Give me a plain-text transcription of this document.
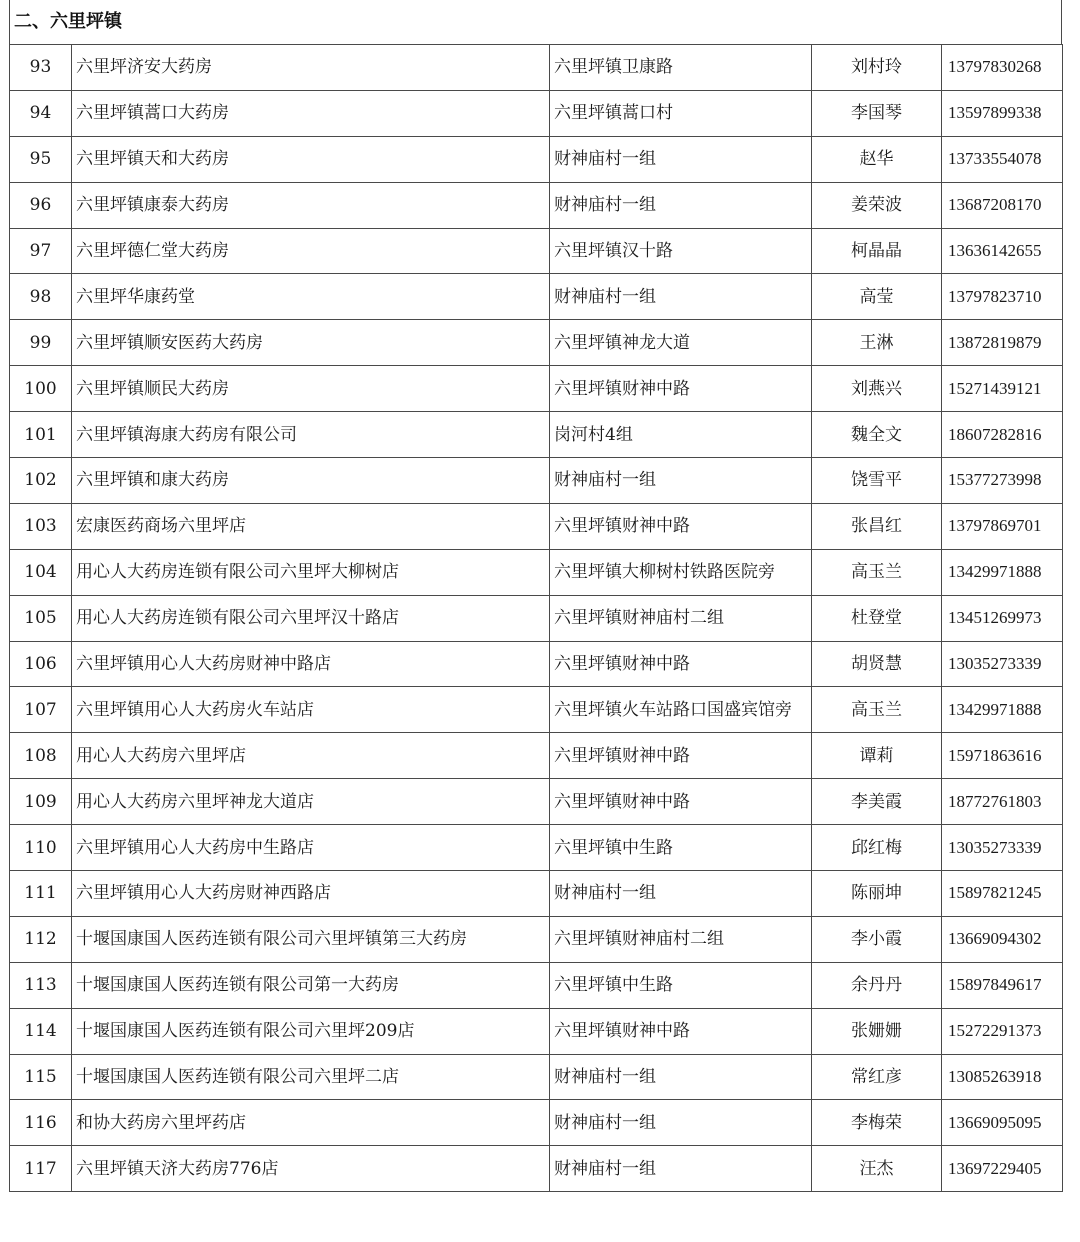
二、六里坪镇
93	六里坪济安大药房	六里坪镇卫康路	刘村玲	13797830268
94	六里坪镇蒿口大药房	六里坪镇蒿口村	李国琴	13597899338
95	六里坪镇天和大药房	财神庙村一组	赵华	13733554078
96	六里坪镇康泰大药房	财神庙村一组	姜荣波	13687208170
97	六里坪德仁堂大药房	六里坪镇汉十路	柯晶晶	13636142655
98	六里坪华康药堂	财神庙村一组	高莹	13797823710
99	六里坪镇顺安医药大药房	六里坪镇神龙大道	王淋	13872819879
100	六里坪镇顺民大药房	六里坪镇财神中路	刘燕兴	15271439121
101	六里坪镇海康大药房有限公司	岗河村4组	魏全文	18607282816
102	六里坪镇和康大药房	财神庙村一组	饶雪平	15377273998
103	宏康医药商场六里坪店	六里坪镇财神中路	张昌红	13797869701
104	用心人大药房连锁有限公司六里坪大柳树店	六里坪镇大柳树村铁路医院旁	高玉兰	13429971888
105	用心人大药房连锁有限公司六里坪汉十路店	六里坪镇财神庙村二组	杜登堂	13451269973
106	六里坪镇用心人大药房财神中路店	六里坪镇财神中路	胡贤慧	13035273339
107	六里坪镇用心人大药房火车站店	六里坪镇火车站路口国盛宾馆旁	高玉兰	13429971888
108	用心人大药房六里坪店	六里坪镇财神中路	谭莉	15971863616
109	用心人大药房六里坪神龙大道店	六里坪镇财神中路	李美霞	18772761803
110	六里坪镇用心人大药房中生路店	六里坪镇中生路	邱红梅	13035273339
111	六里坪镇用心人大药房财神西路店	财神庙村一组	陈丽坤	15897821245
112	十堰国康国人医药连锁有限公司六里坪镇第三大药房	六里坪镇财神庙村二组	李小霞	13669094302
113	十堰国康国人医药连锁有限公司第一大药房	六里坪镇中生路	余丹丹	15897849617
114	十堰国康国人医药连锁有限公司六里坪209店	六里坪镇财神中路	张姗姗	15272291373
115	十堰国康国人医药连锁有限公司六里坪二店	财神庙村一组	常红彦	13085263918
116	和协大药房六里坪药店	财神庙村一组	李梅荣	13669095095
117	六里坪镇天济大药房776店	财神庙村一组	汪杰	13697229405
